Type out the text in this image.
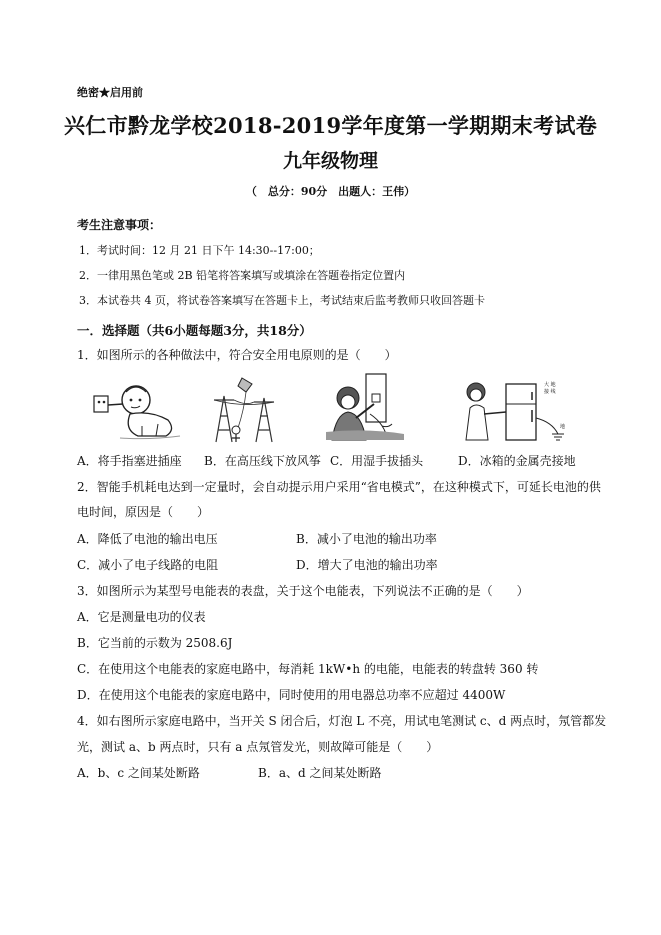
绝密★启用前
兴仁市黔龙学校2018-2019学年度第一学期期末考试卷
九年级物理
（　总分：90分　出题人：王伟）
考生注意事项：
1．考试时间：12 月 21 日下午 14:30--17:00；
2．一律用黑色笔或 2B 铅笔将答案填写或填涂在答题卷指定位置内
3．本试卷共 4 页，将试卷答案填写在答题卡上，考试结束后监考教师只收回答题卡
一．选择题（共6小题每题3分，共18分）
1．如图所示的各种做法中，符合安全用电原则的是（　　）
大 地
接 线
地
A．将手指塞进插座 B．在高压线下放风筝 C．用湿手拔插头	D．冰箱的金属壳接地
2．智能手机耗电达到一定量时，会自动提示用户采用“省电模式”，在这种模式下，可延长电池的供
电时间，原因是（　　）
A．降低了电池的输出电压	B．减小了电池的输出功率
C．减小了电子线路的电阻	D．增大了电池的输出功率
3．如图所示为某型号电能表的表盘，关于这个电能表，下列说法不正确的是（　　）
A．它是测量电功的仪表
B．它当前的示数为 2508.6J
C．在使用这个电能表的家庭电路中，每消耗 1kW•h 的电能，电能表的转盘转 360 转
D．在使用这个电能表的家庭电路中，同时使用的用电器总功率不应超过 4400W
4．如右图所示家庭电路中，当开关 S 闭合后，灯泡 L 不亮，用试电笔测试 c、d 两点时，氖管都发
光，测试 a、b 两点时，只有 a 点氖管发光，则故障可能是（　　）
A．b、c 之间某处断路	B．a、d 之间某处断路
